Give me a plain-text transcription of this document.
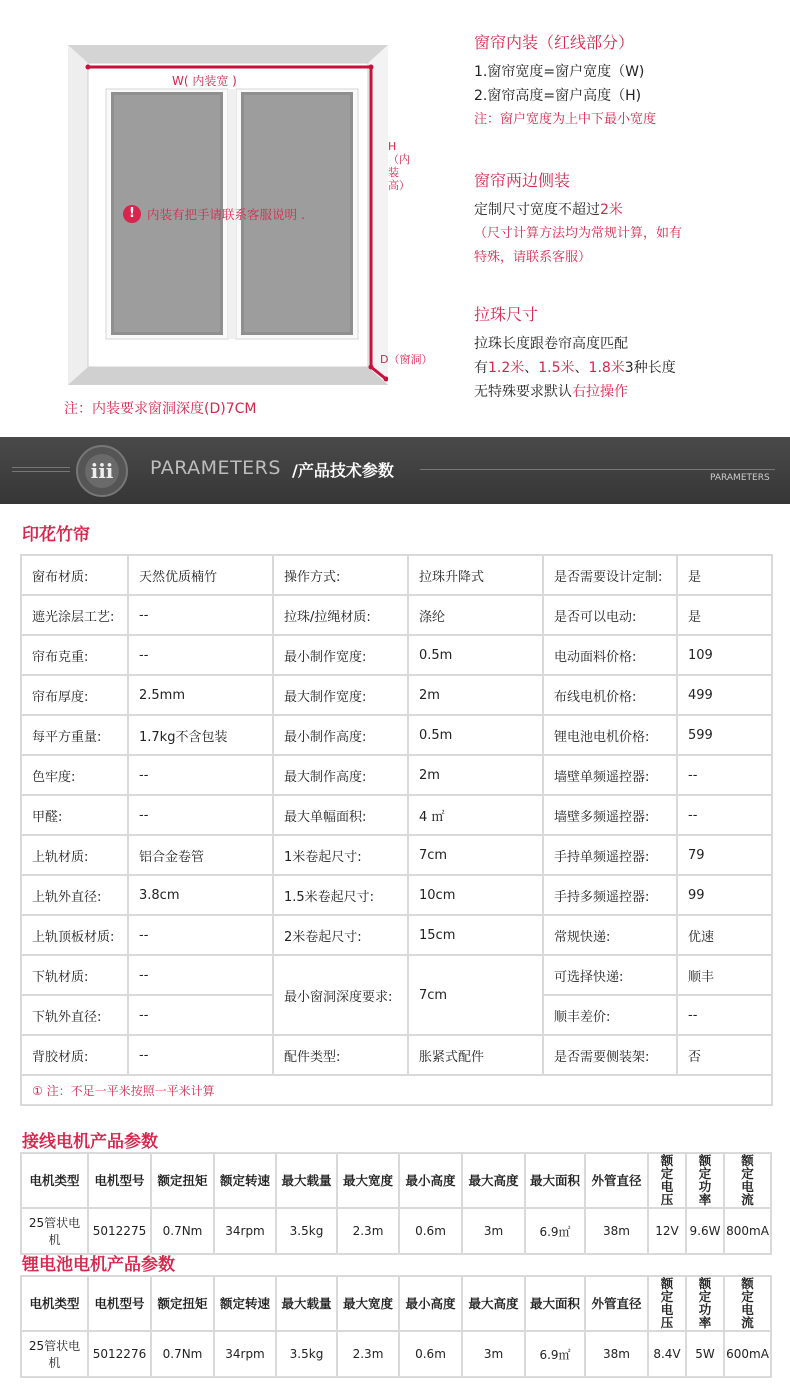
W( 内装宽 )
H（内装高）
D（窗洞）
! 内装有把手请联系客服说明 .
注：内装要求窗洞深度(D)7CM
窗帘内装（红线部分）
1.窗帘宽度=窗户宽度（W)
2.窗帘高度=窗户高度（H)
注：窗户宽度为上中下最小宽度
窗帘两边侧装
定制尺寸宽度不超过2米
（尺寸计算方法均为常规计算，如有
特殊，请联系客服）
拉珠尺寸
拉珠长度跟卷帘高度匹配
有1.2米、1.5米、1.8米3种长度
无特殊要求默认右拉操作
iii PARAMETERS /产品技术参数	PARAMETERS
印花竹帘
窗布材质:	天然优质楠竹	操作方式:	拉珠升降式	是否需要设计定制:	是
遮光涂层工艺:	--	拉珠/拉绳材质:	涤纶	是否可以电动:	是
帘布克重:	--	最小制作宽度:	0.5m	电动面料价格:	109
帘布厚度:	2.5mm	最大制作宽度:	2m	布线电机价格:	499
每平方重量:	1.7kg不含包装	最小制作高度:	0.5m	锂电池电机价格:	599
色牢度:	--	最大制作高度:	2m	墙壁单频遥控器:	--
甲醛:	--	最大单幅面积:	4 ㎡	墙壁多频遥控器:	--
上轨材质:	铝合金卷管	1米卷起尺寸:	7cm	手持单频遥控器:	79
上轨外直径:	3.8cm	1.5米卷起尺寸:	10cm	手持多频遥控器:	99
上轨顶板材质:	--	2米卷起尺寸:	15cm	常规快递:	优速
下轨材质:	--	最小窗洞深度要求:	7cm	可选择快递:	顺丰
下轨外直径:	--			顺丰差价:	--
背胶材质:	--	配件类型:	胀紧式配件	是否需要侧装架:	否
① 注：不足一平米按照一平米计算					
接线电机产品参数
电机类型	电机型号	额定扭矩	额定转速	最大载量	最大宽度	最小高度	最大高度	最大面积	外管直径	额定电压	额定功率	额定电流
25管状电机	5012275	0.7Nm	34rpm	3.5kg	2.3m	0.6m	3m	6.9㎡	38m	12V	9.6W	800mA
锂电池电机产品参数
电机类型	电机型号	额定扭矩	额定转速	最大载量	最大宽度	最小高度	最大高度	最大面积	外管直径	额定电压	额定功率	额定电流
25管状电机	5012276	0.7Nm	34rpm	3.5kg	2.3m	0.6m	3m	6.9㎡	38m	8.4V	5W	600mA
